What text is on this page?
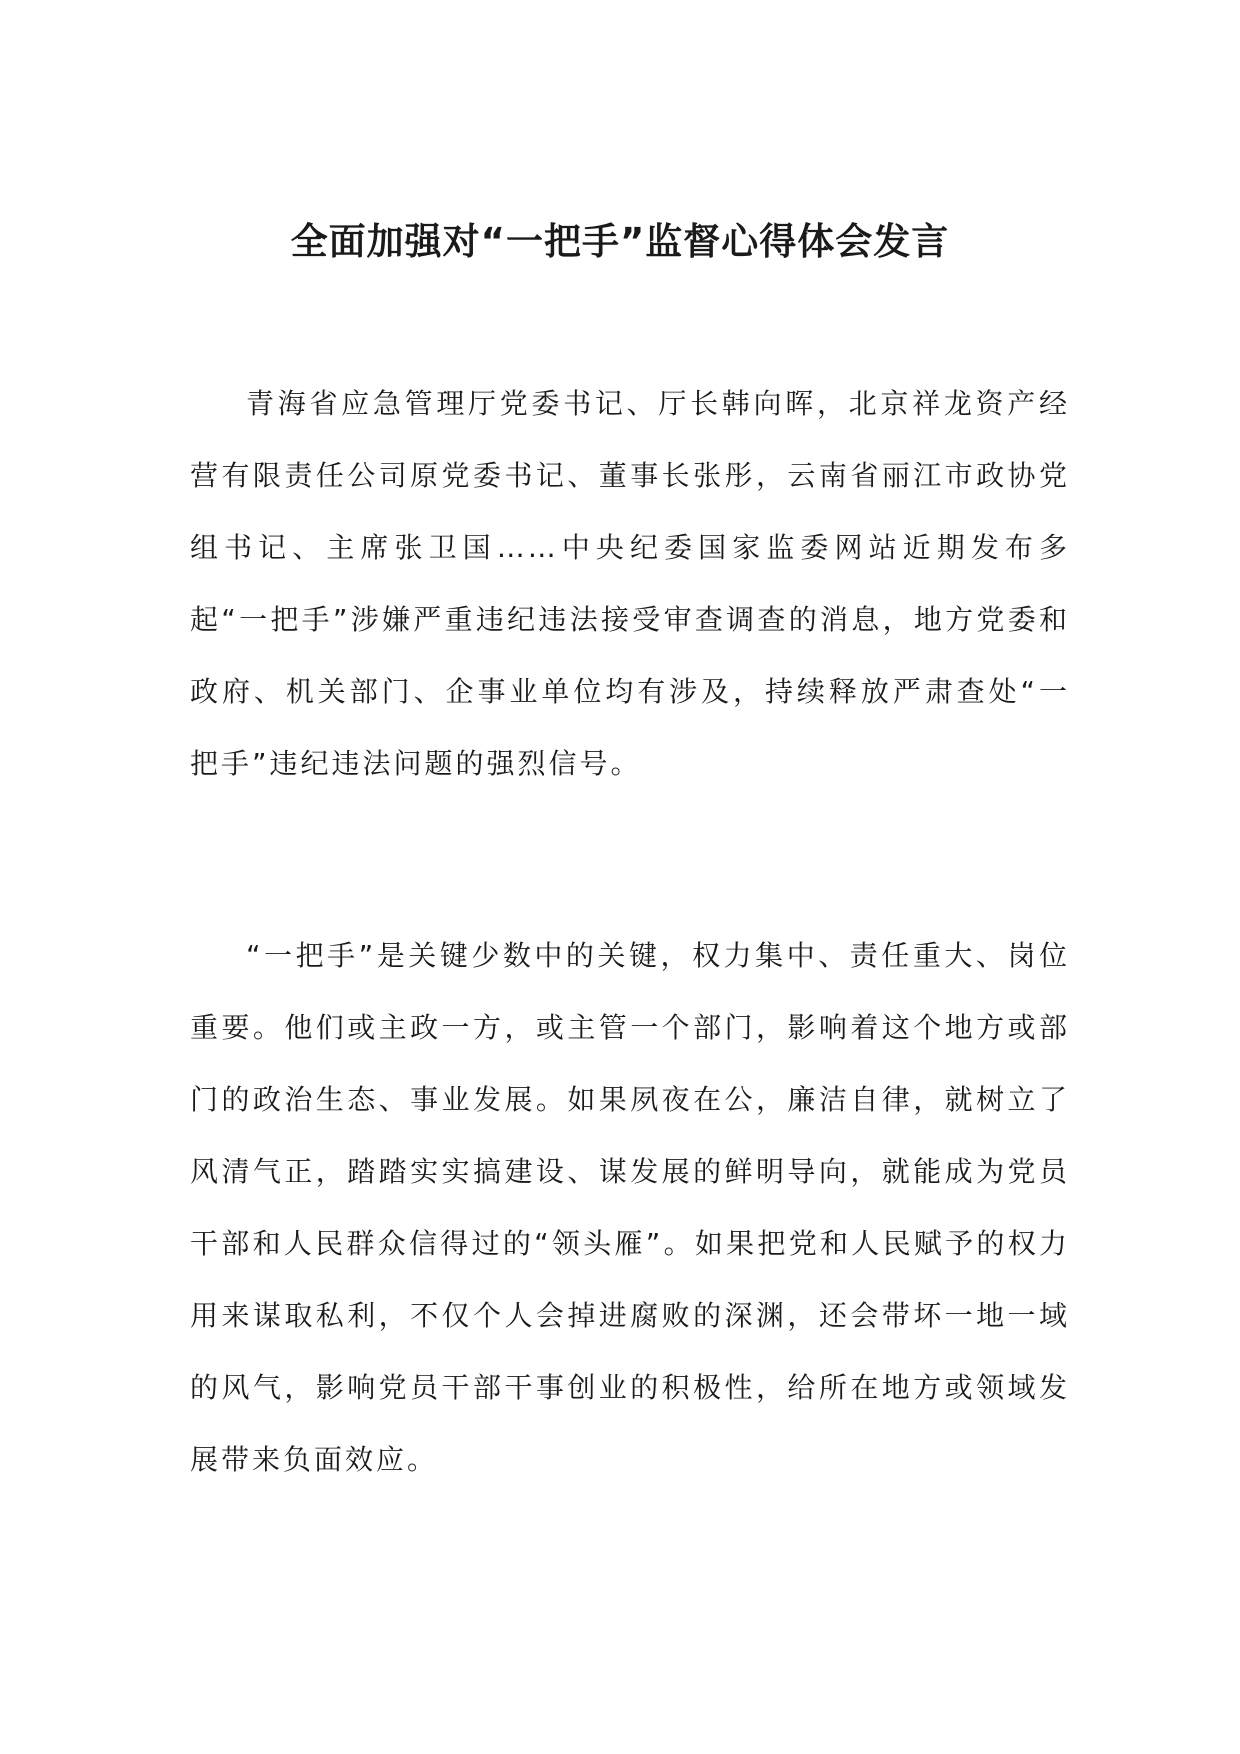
全面加强对“一把手”监督心得体会发言

青海省应急管理厅党委书记、厅长韩向晖，北京祥龙资产经营有限责任公司原党委书记、董事长张彤，云南省丽江市政协党组书记、主席张卫国……中央纪委国家监委网站近期发布多起“一把手”涉嫌严重违纪违法接受审查调查的消息，地方党委和政府、机关部门、企事业单位均有涉及，持续释放严肃查处“一把手”违纪违法问题的强烈信号。

“一把手”是关键少数中的关键，权力集中、责任重大、岗位重要。他们或主政一方，或主管一个部门，影响着这个地方或部门的政治生态、事业发展。如果夙夜在公，廉洁自律，就树立了风清气正，踏踏实实搞建设、谋发展的鲜明导向，就能成为党员干部和人民群众信得过的“领头雁”。如果把党和人民赋予的权力用来谋取私利，不仅个人会掉进腐败的深渊，还会带坏一地一域的风气，影响党员干部干事创业的积极性，给所在地方或领域发展带来负面效应。
